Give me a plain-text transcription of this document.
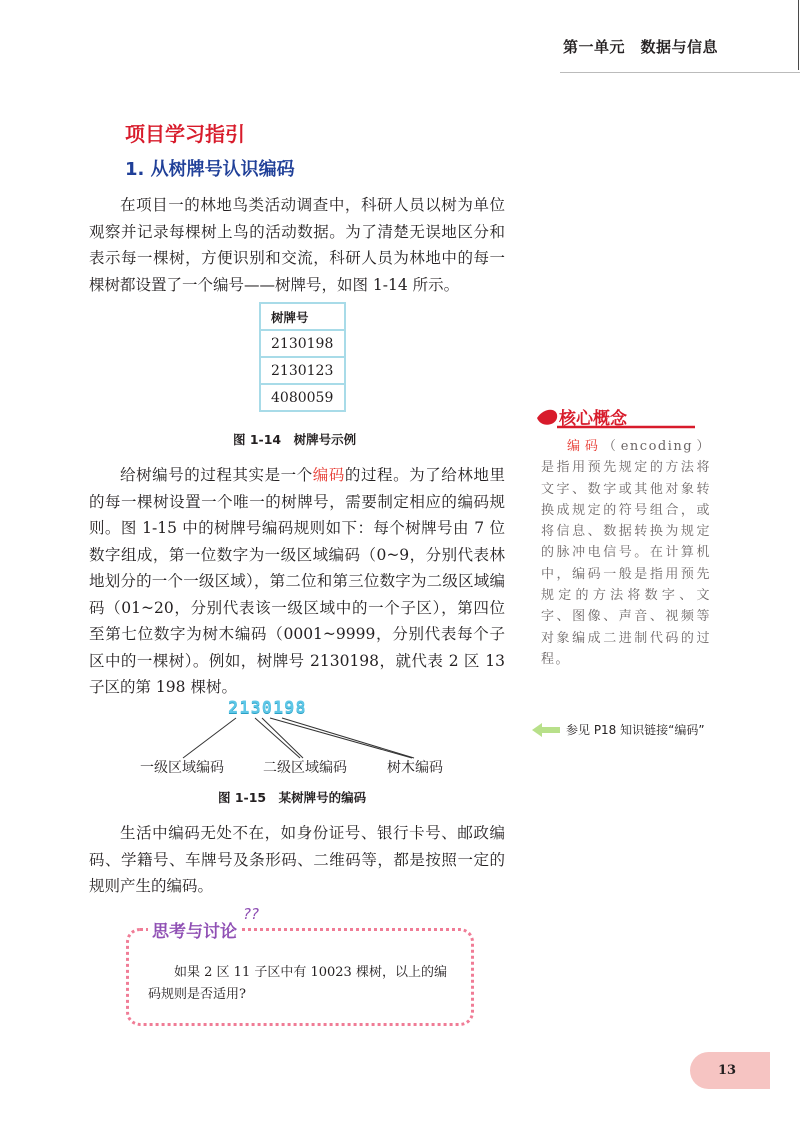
第一单元　数据与信息
项目学习指引
1. 从树牌号认识编码

在项目一的林地鸟类活动调查中，科研人员以树为单位观察并记录每棵树上鸟的活动数据。为了清楚无误地区分和表示每一棵树，方便识别和交流，科研人员为林地中的每一棵树都设置了一个编号——树牌号，如图 1-14 所示。

树牌号
2130198
2130123
4080059
图 1-14　树牌号示例

给树编号的过程其实是一个编码的过程。为了给林地里的每一棵树设置一个唯一的树牌号，需要制定相应的编码规则。图 1-15 中的树牌号编码规则如下：每个树牌号由 7 位数字组成，第一位数字为一级区域编码（0~9，分别代表林地划分的一个一级区域），第二位和第三位数字为二级区域编码（01~20，分别代表该一级区域中的一个子区），第四位至第七位数字为树木编码（0001~9999，分别代表每个子区中的一棵树）。例如，树牌号 2130198，就代表 2 区 13 子区的第 198 棵树。

2130198
一级区域编码	二级区域编码	树木编码
图 1-15　某树牌号的编码

生活中编码无处不在，如身份证号、银行卡号、邮政编码、学籍号、车牌号及条形码、二维码等，都是按照一定的规则产生的编码。

核心概念

编码（encoding）是指用预先规定的方法将文字、数字或其他对象转换成规定的符号组合，或将信息、数据转换为规定的脉冲电信号。在计算机中，编码一般是指用预先规定的方法将数字、文字、图像、声音、视频等对象编成二进制代码的过程。

参见 P18 知识链接“编码”
思考与讨论
??

如果 2 区 11 子区中有 10023 棵树，以上的编码规则是否适用?

13
